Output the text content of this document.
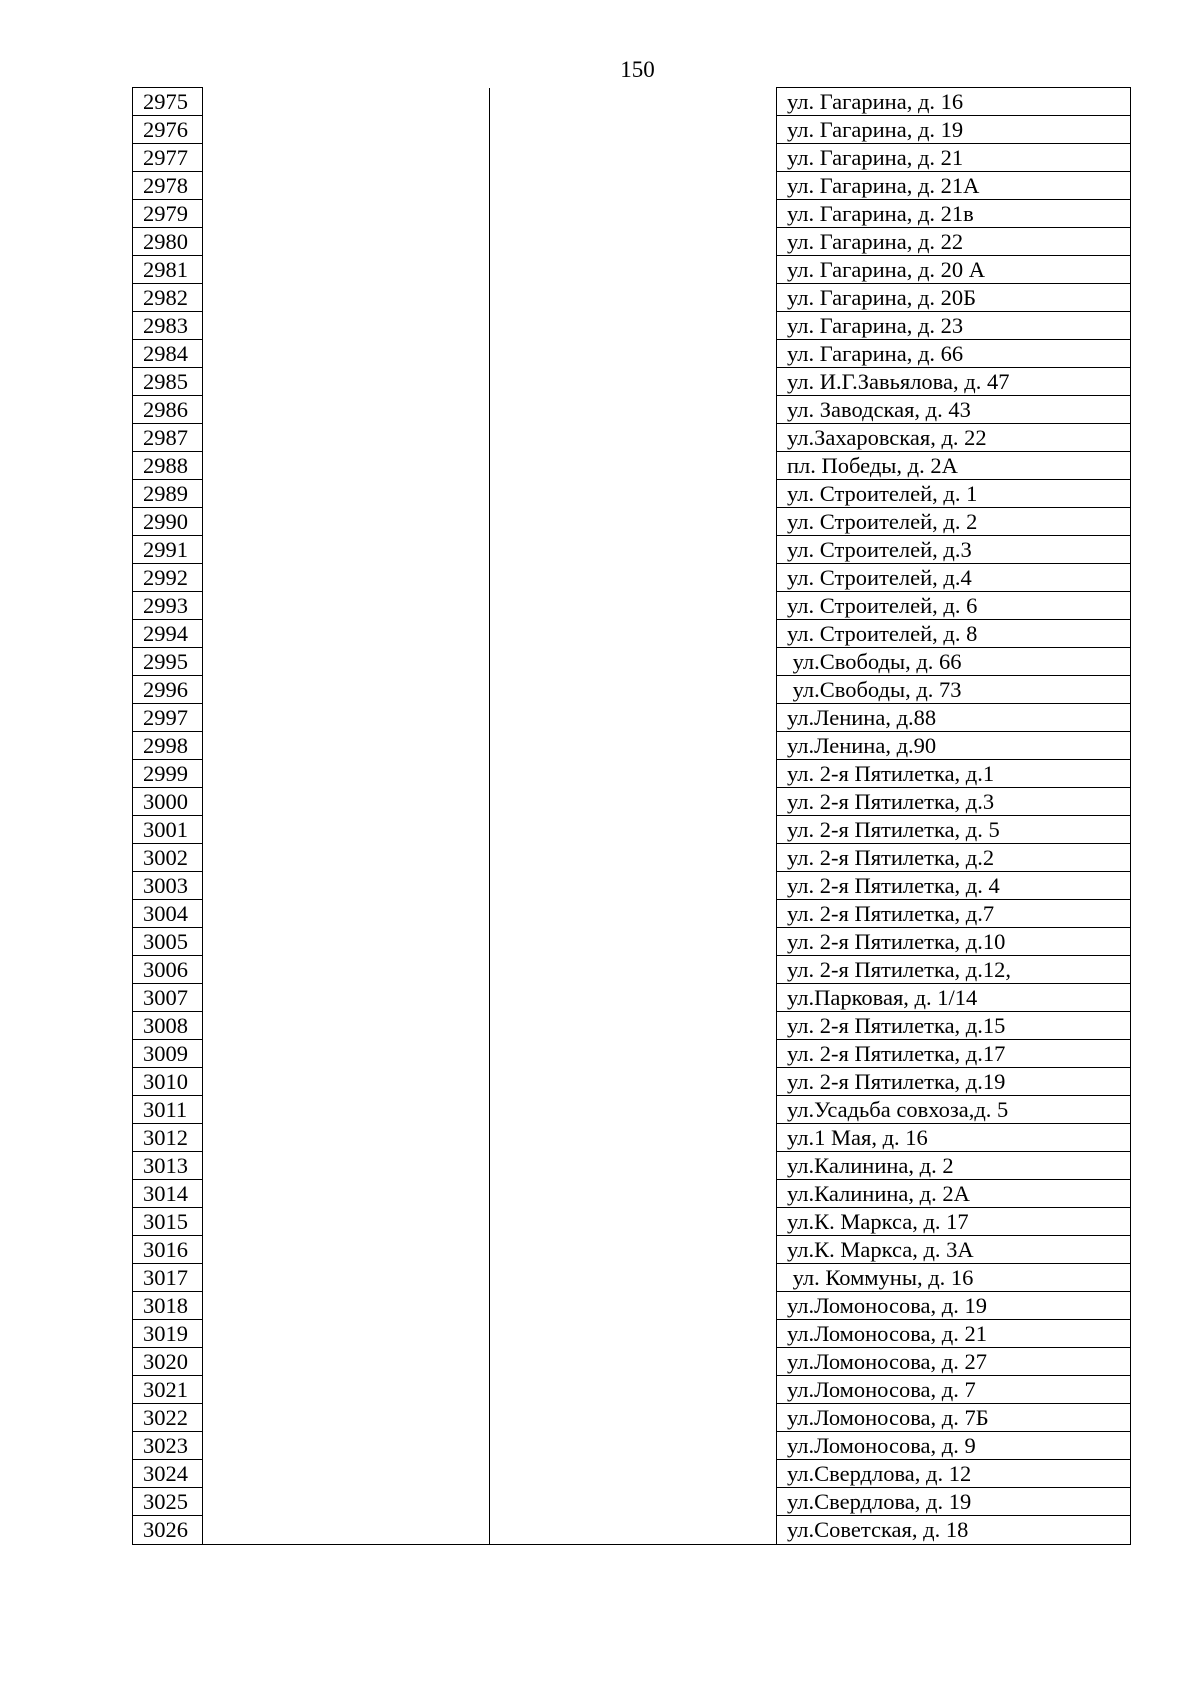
150
2975			ул. Гагарина, д. 16
2976			ул. Гагарина, д. 19
2977			ул. Гагарина, д. 21
2978			ул. Гагарина, д. 21А
2979			ул. Гагарина, д. 21в
2980			ул. Гагарина, д. 22
2981			ул. Гагарина, д. 20 А
2982			ул. Гагарина, д. 20Б
2983			ул. Гагарина, д. 23
2984			ул. Гагарина, д. 66
2985			ул. И.Г.Завьялова, д. 47
2986			ул. Заводская, д. 43
2987			ул.Захаровская, д. 22
2988			пл. Победы, д. 2А
2989			ул. Строителей, д. 1
2990			ул. Строителей, д. 2
2991			ул. Строителей, д.3
2992			ул. Строителей, д.4
2993			ул. Строителей, д. 6
2994			ул. Строителей, д. 8
2995			ул.Свободы, д. 66
2996			ул.Свободы, д. 73
2997			ул.Ленина, д.88
2998			ул.Ленина, д.90
2999			ул. 2-я Пятилетка, д.1
3000			ул. 2-я Пятилетка, д.3
3001			ул. 2-я Пятилетка, д. 5
3002			ул. 2-я Пятилетка, д.2
3003			ул. 2-я Пятилетка, д. 4
3004			ул. 2-я Пятилетка, д.7
3005			ул. 2-я Пятилетка, д.10
3006			ул. 2-я Пятилетка, д.12,
3007			ул.Парковая, д. 1/14
3008			ул. 2-я Пятилетка, д.15
3009			ул. 2-я Пятилетка, д.17
3010			ул. 2-я Пятилетка, д.19
3011			ул.Усадьба совхоза,д. 5
3012			ул.1 Мая, д. 16
3013			ул.Калинина, д. 2
3014			ул.Калинина, д. 2А
3015			ул.К. Маркса, д. 17
3016			ул.К. Маркса, д. 3А
3017			ул. Коммуны, д. 16
3018			ул.Ломоносова, д. 19
3019			ул.Ломоносова, д. 21
3020			ул.Ломоносова, д. 27
3021			ул.Ломоносова, д. 7
3022			ул.Ломоносова, д. 7Б
3023			ул.Ломоносова, д. 9
3024			ул.Свердлова, д. 12
3025			ул.Свердлова, д. 19
3026			ул.Советская, д. 18
